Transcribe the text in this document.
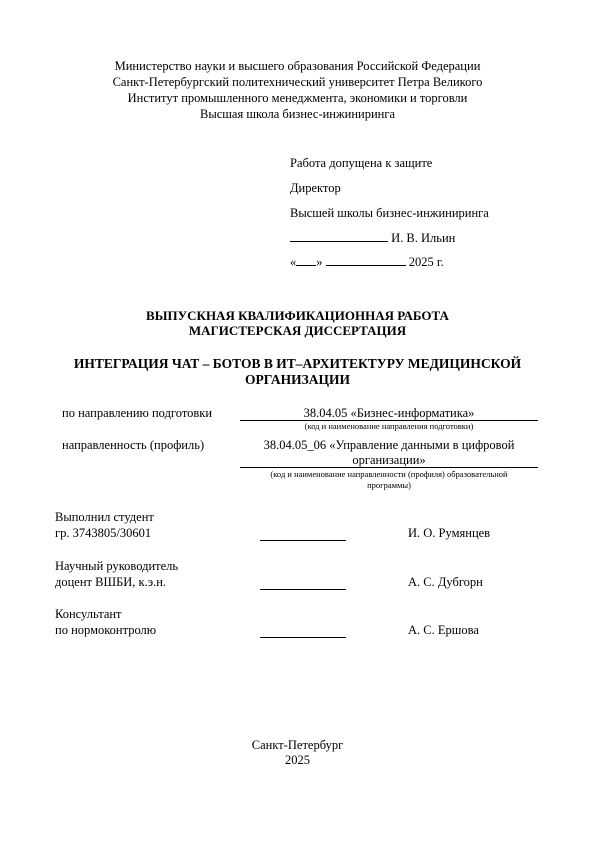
Министерство науки и высшего образования Российской Федерации
Санкт-Петербургский политехнический университет Петра Великого
Институт промышленного менеджмента, экономики и торговли
Высшая школа бизнес-инжиниринга
Работа допущена к защите
Директор
Высшей школы бизнес-инжиниринга
И. В. Ильин
« »	2025 г.
ВЫПУСКНАЯ КВАЛИФИКАЦИОННАЯ РАБОТА
МАГИСТЕРСКАЯ ДИССЕРТАЦИЯ
ИНТЕГРАЦИЯ ЧАТ – БОТОВ В ИТ–АРХИТЕКТУРУ МЕДИЦИНСКОЙ
ОРГАНИЗАЦИИ
по направлению подготовки	38.04.05 «Бизнес-информатика»
(код и наименование направления подготовки)
направленность (профиль)	38.04.05_06 «Управление данными в цифровой
организации»
(код и наименование направленности (профиля) образовательной
программы)
Выполнил студент
гр. 3743805/30601	И. О. Румянцев
Научный руководитель
доцент ВШБИ, к.э.н.	А. С. Дубгорн
Консультант
по нормоконтролю	А. С. Ершова
Санкт-Петербург
2025
